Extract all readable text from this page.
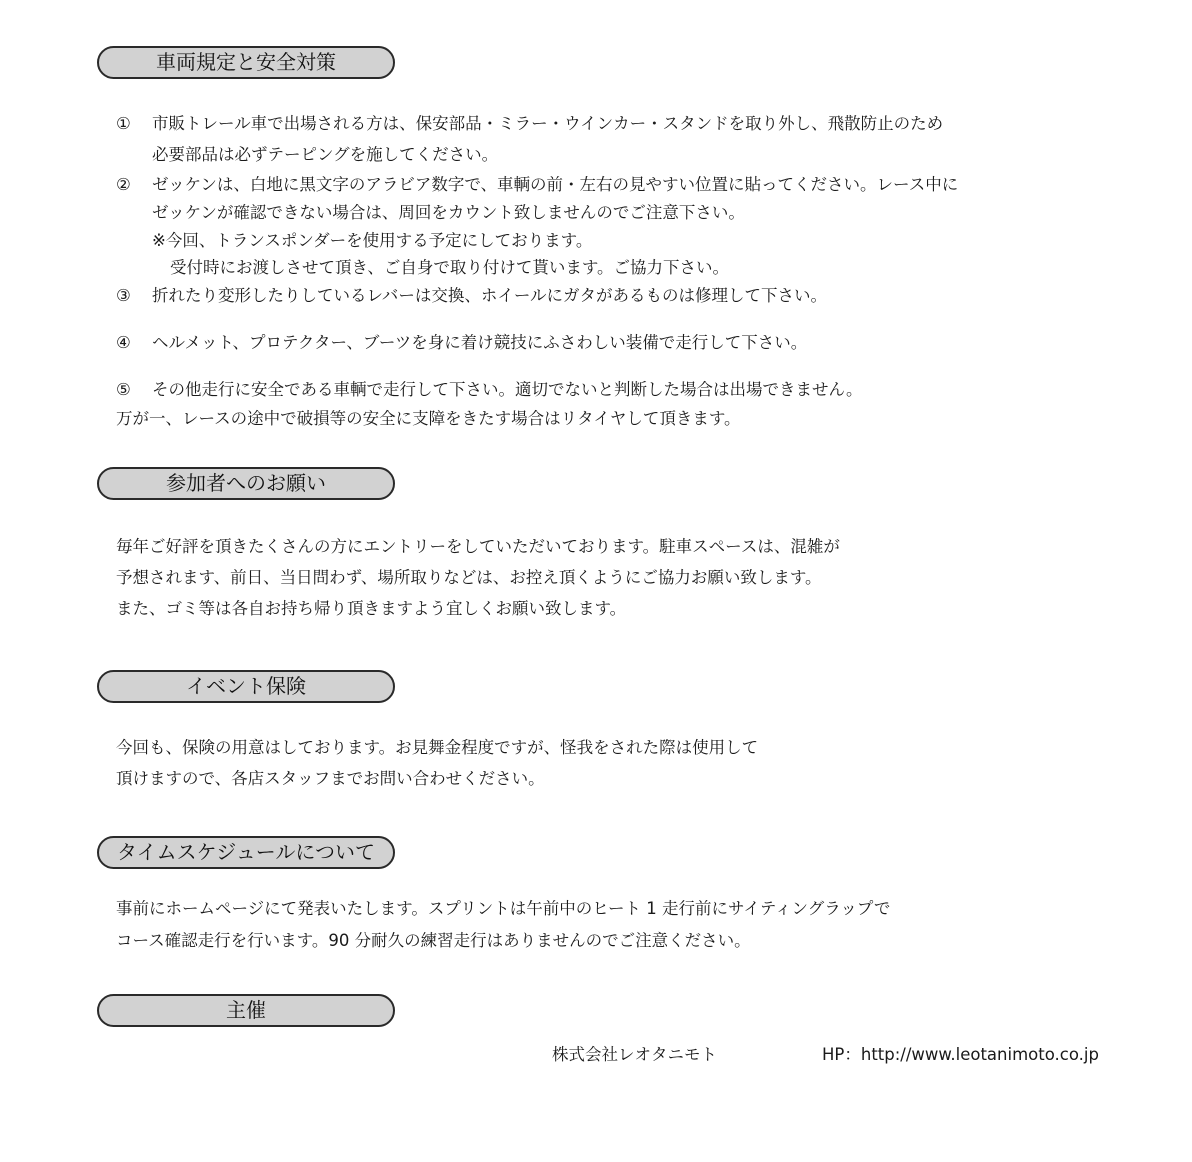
車両規定と安全対策
① 市販トレール車で出場される方は、保安部品・ミラー・ウインカー・スタンドを取り外し、飛散防止のため
必要部品は必ずテーピングを施してください。
② ゼッケンは、白地に黒文字のアラビア数字で、車輌の前・左右の見やすい位置に貼ってください。レース中に
ゼッケンが確認できない場合は、周回をカウント致しませんのでご注意下さい。
※今回、トランスポンダーを使用する予定にしております。
受付時にお渡しさせて頂き、ご自身で取り付けて貰います。ご協力下さい。
③ 折れたり変形したりしているレバーは交換、ホイールにガタがあるものは修理して下さい。
④ ヘルメット、プロテクター、ブーツを身に着け競技にふさわしい装備で走行して下さい。
⑤ その他走行に安全である車輌で走行して下さい。適切でないと判断した場合は出場できません。
万が一、レースの途中で破損等の安全に支障をきたす場合はリタイヤして頂きます。
参加者へのお願い
毎年ご好評を頂きたくさんの方にエントリーをしていただいております。駐車スペースは、混雑が
予想されます、前日、当日問わず、場所取りなどは、お控え頂くようにご協力お願い致します。
また、ゴミ等は各自お持ち帰り頂きますよう宜しくお願い致します。
イベント保険
今回も、保険の用意はしております。お見舞金程度ですが、怪我をされた際は使用して
頂けますので、各店スタッフまでお問い合わせください。
タイムスケジュールについて
事前にホームページにて発表いたします。スプリントは午前中のヒート 1 走行前にサイティングラップで
コース確認走行を行います。90 分耐久の練習走行はありませんのでご注意ください。
主催
株式会社レオタニモト	HP：http://www.leotanimoto.co.jp
